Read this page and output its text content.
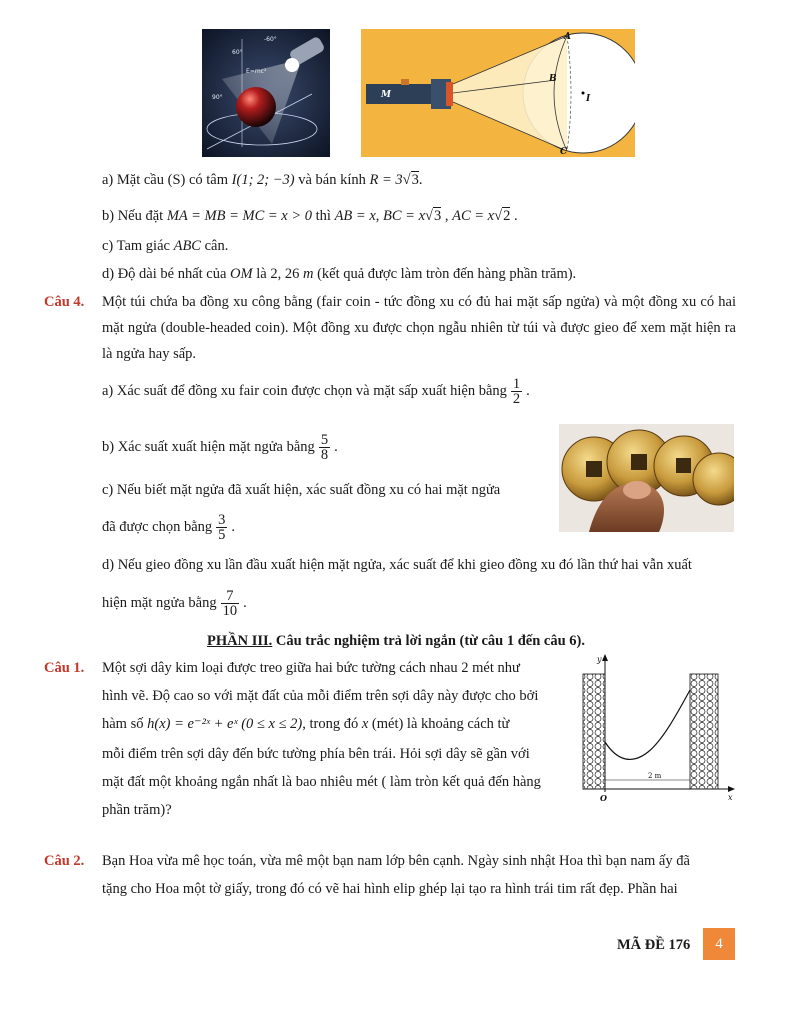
E=mc²
-60°
60°
90°
A
B
C
M	I
a) Mặt cầu (S) có tâm I(1; 2; −3) và bán kính R = 3√3.
b) Nếu đặt MA = MB = MC = x > 0 thì AB = x, BC = x√3 , AC = x√2 .
c) Tam giác ABC cân.
d) Độ dài bé nhất của OM là 2, 26 m (kết quả được làm tròn đến hàng phần trăm).
Câu 4. Một túi chứa ba đồng xu công bằng (fair coin - tức đồng xu có đủ hai mặt sấp ngửa) và một đồng xu có hai mặt ngửa (double-headed coin). Một đồng xu được chọn ngẫu nhiên từ túi và được gieo để xem mặt hiện ra là ngửa hay sấp.
a) Xác suất để đồng xu fair coin được chọn và mặt sấp xuất hiện bằng $\frac{1}{2}$ .
b) Xác suất xuất hiện mặt ngửa bằng $\frac{5}{8}$ .
c) Nếu biết mặt ngửa đã xuất hiện, xác suất đồng xu có hai mặt ngửa
đã được chọn bằng $\frac{3}{5}$ .
d) Nếu gieo đồng xu lần đầu xuất hiện mặt ngửa, xác suất để khi gieo đồng xu đó lần thứ hai vẫn xuất
hiện mặt ngửa bằng $\frac{7}{10}$ .
PHẦN III. Câu trắc nghiệm trả lời ngắn (từ câu 1 đến câu 6).
Câu 1. Một sợi dây kim loại được treo giữa hai bức tường cách nhau 2 mét như
hình vẽ. Độ cao so với mặt đất của mỗi điểm trên sợi dây này được cho bởi
hàm số h(x) = e⁻²ˣ + eˣ (0 ≤ x ≤ 2), trong đó x (mét) là khoảng cách từ
mỗi điểm trên sợi dây đến bức tường phía bên trái. Hỏi sợi dây sẽ gần với
mặt đất một khoảng ngắn nhất là bao nhiêu mét ( làm tròn kết quả đến hàng
phần trăm)?
y
x
O
2 m
Câu 2. Bạn Hoa vừa mê học toán, vừa mê một bạn nam lớp bên cạnh. Ngày sinh nhật Hoa thì bạn nam ấy đã
tặng cho Hoa một tờ giấy, trong đó có vẽ hai hình elip ghép lại tạo ra hình trái tim rất đẹp. Phần hai
MÃ ĐỀ 176	4
